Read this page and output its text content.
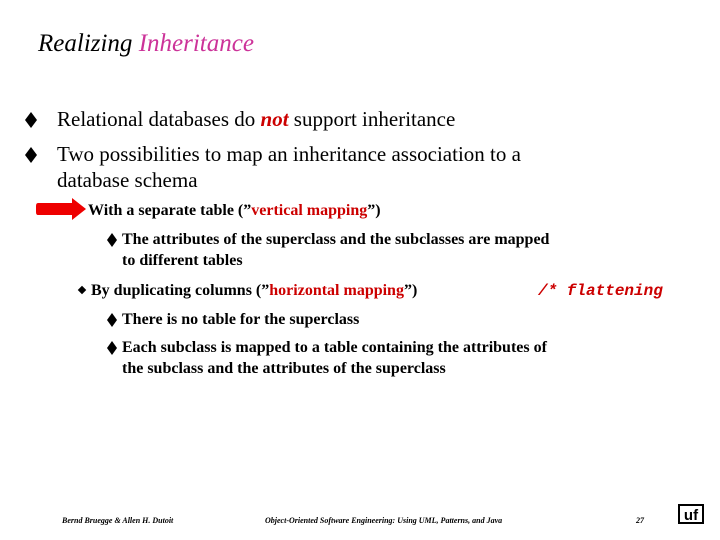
Realizing Inheritance
Relational databases do not support inheritance
Two possibilities to map an inheritance association to a
database schema
With a separate table (”vertical mapping”)
The attributes of the superclass and the subclasses are mapped
to different tables
By duplicating columns (”horizontal mapping”)	/* flattening
There is no table for the superclass
Each subclass is mapped to a table containing the attributes of
the subclass and the attributes of the superclass
Bernd Bruegge & Allen H. Dutoit	Object-Oriented Software Engineering: Using UML, Patterns, and Java	27	uf
